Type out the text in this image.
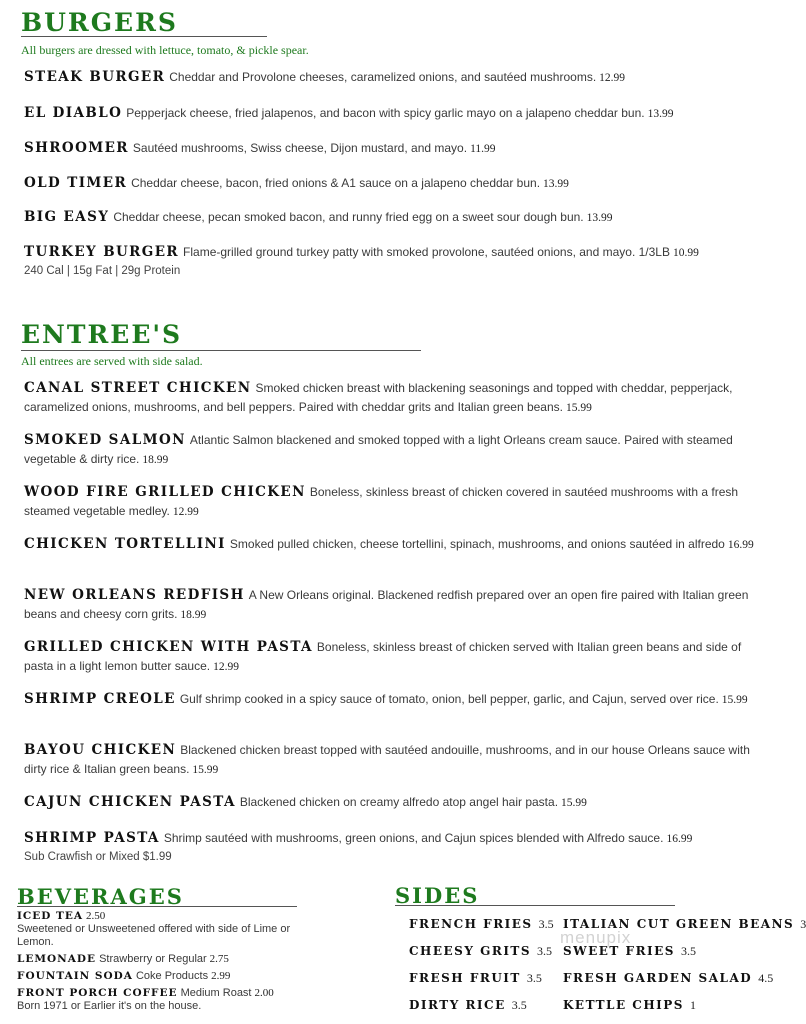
BURGERS
All burgers are dressed with lettuce, tomato, & pickle spear.
STEAK BURGER Cheddar and Provolone cheeses, caramelized onions, and sautéed mushrooms. 12.99
EL DIABLO Pepperjack cheese, fried jalapenos, and bacon with spicy garlic mayo on a jalapeno cheddar bun. 13.99
SHROOMER Sautéed mushrooms, Swiss cheese, Dijon mustard, and mayo. 11.99
OLD TIMER Cheddar cheese, bacon, fried onions & A1 sauce on a jalapeno cheddar bun. 13.99
BIG EASY Cheddar cheese, pecan smoked bacon, and runny fried egg on a sweet sour dough bun. 13.99
TURKEY BURGER Flame-grilled ground turkey patty with smoked provolone, sautéed onions, and mayo. 1/3LB 10.99
240 Cal | 15g Fat | 29g Protein
ENTREE'S
All entrees are served with side salad.
CANAL STREET CHICKEN Smoked chicken breast with blackening seasonings and topped with cheddar, pepperjack, caramelized onions, mushrooms, and bell peppers. Paired with cheddar grits and Italian green beans. 15.99
SMOKED SALMON Atlantic Salmon blackened and smoked topped with a light Orleans cream sauce. Paired with steamed vegetable & dirty rice. 18.99
WOOD FIRE GRILLED CHICKEN Boneless, skinless breast of chicken covered in sautéed mushrooms with a fresh steamed vegetable medley. 12.99
CHICKEN TORTELLINI Smoked pulled chicken, cheese tortellini, spinach, mushrooms, and onions sautéed in alfredo 16.99
NEW ORLEANS REDFISH A New Orleans original. Blackened redfish prepared over an open fire paired with Italian green beans and cheesy corn grits. 18.99
GRILLED CHICKEN WITH PASTA Boneless, skinless breast of chicken served with Italian green beans and side of pasta in a light lemon butter sauce. 12.99
SHRIMP CREOLE Gulf shrimp cooked in a spicy sauce of tomato, onion, bell pepper, garlic, and Cajun, served over rice. 15.99
BAYOU CHICKEN Blackened chicken breast topped with sautéed andouille, mushrooms, and in our house Orleans sauce with dirty rice & Italian green beans. 15.99
CAJUN CHICKEN PASTA Blackened chicken on creamy alfredo atop angel hair pasta. 15.99
SHRIMP PASTA Shrimp sautéed with mushrooms, green onions, and Cajun spices blended with Alfredo sauce. 16.99
Sub Crawfish or Mixed $1.99
BEVERAGES
ICED TEA 2.50
Sweetened or Unsweetened offered with side of Lime or Lemon.
LEMONADE Strawberry or Regular 2.75
FOUNTAIN SODA Coke Products 2.99
FRONT PORCH COFFEE Medium Roast 2.00
Born 1971 or Earlier it's on the house.
SIDES
FRENCH FRIES 3.5 ITALIAN CUT GREEN BEANS 3
CHEESY GRITS 3.5 SWEET FRIES 3.5
FRESH FRUIT 3.5 FRESH GARDEN SALAD 4.5
DIRTY RICE 3.5	KETTLE CHIPS 1
menupix
